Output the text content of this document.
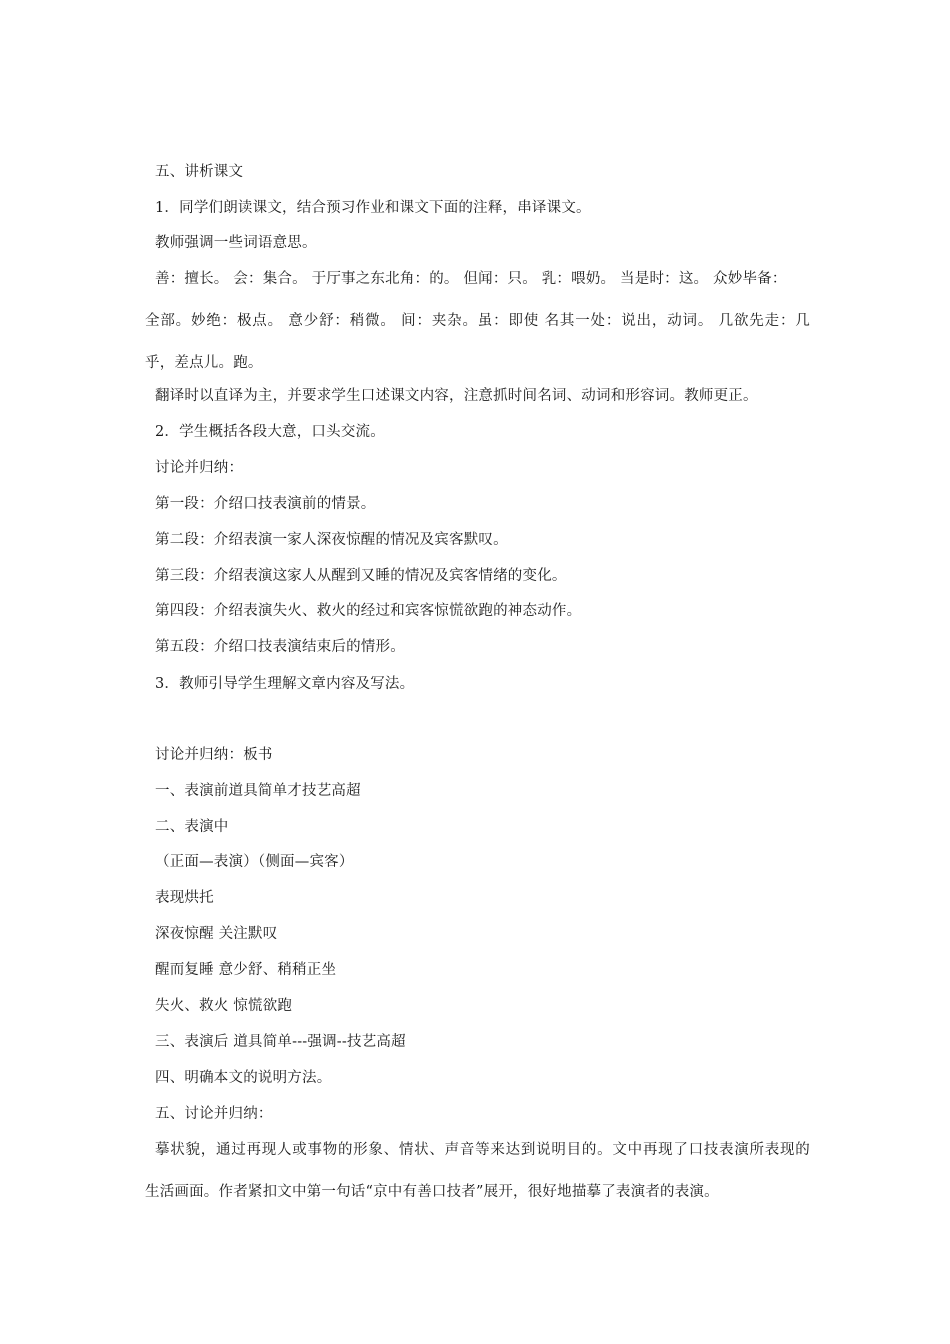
五、讲析课文
1．同学们朗读课文，结合预习作业和课文下面的注释，串译课文。
教师强调一些词语意思。
善：擅长。 会：集合。 于厅事之东北角：的。 但闻：只。 乳：喂奶。 当是时：这。 众妙毕备：
全部。妙绝：极点。 意少舒：稍微。 间：夹杂。虽：即使 名其一处：说出，动词。 几欲先走：几
乎，差点儿。跑。
翻译时以直译为主，并要求学生口述课文内容，注意抓时间名词、动词和形容词。教师更正。
2．学生概括各段大意，口头交流。
讨论并归纳：
第一段：介绍口技表演前的情景。
第二段：介绍表演一家人深夜惊醒的情况及宾客默叹。
第三段：介绍表演这家人从醒到又睡的情况及宾客情绪的变化。
第四段：介绍表演失火、救火的经过和宾客惊慌欲跑的神态动作。
第五段：介绍口技表演结束后的情形。
3．教师引导学生理解文章内容及写法。
讨论并归纳：板书
一、表演前道具简单才技艺高超
二、表演中
（正面—表演）（侧面—宾客）
表现烘托
深夜惊醒 关注默叹
醒而复睡 意少舒、稍稍正坐
失火、救火 惊慌欲跑
三、表演后 道具简单---强调--技艺高超
四、明确本文的说明方法。
五、讨论并归纳：
摹状貌，通过再现人或事物的形象、情状、声音等来达到说明目的。文中再现了口技表演所表现的
生活画面。作者紧扣文中第一句话“京中有善口技者”展开，很好地描摹了表演者的表演。
